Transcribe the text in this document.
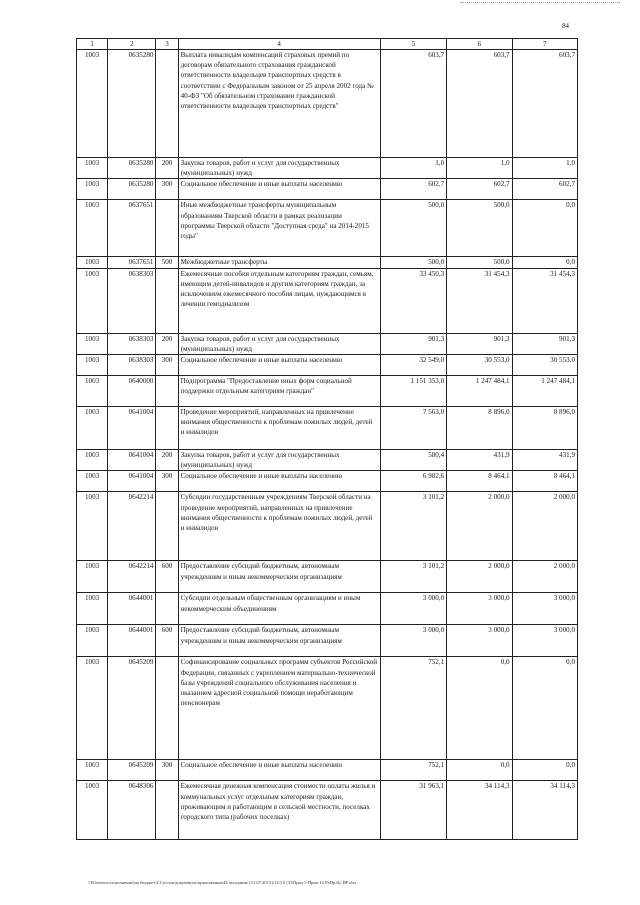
84
1	2	3	4	5	6	7
1003	0635280		Выплата инвалидам компенсаций страховых премий по договорам обязательного страхования гражданской ответственности владельцев транспортных средств в соответствии с Федеральным законом от 25 апреля 2002 года № 40-ФЗ "Об обязательном страховании гражданской ответственности владельцев транспортных средств"	603,7	603,7	603,7
1003	0635280	200	Закупка товаров, работ и услуг для государственных (муниципальных) нужд	1,0	1,0	1,0
1003	0635280	300	Социальное обеспечение и иные выплаты населению	602,7	602,7	602,7
1003	0637651		Иные межбюджетные трансферты муниципальным образованиям Тверской области в рамках реализации программы Тверской области "Доступная среда" на 2014-2015 годы"	500,0	500,0	0,0
1003	0637651	500	Межбюджетные трансферты	500,0	500,0	0,0
1003	0638303		Ежемесячные пособия отдельным категориям граждан, семьям, имеющим детей-инвалидов и другим категориям граждан, за исключением ежемесячного пособия лицам, нуждающимся в лечении гемодиализом	33 450,3	31 454,3	31 454,3
1003	0638303	200	Закупка товаров, работ и услуг для государственных (муниципальных) нужд	901,3	901,3	901,3
1003	0638303	300	Социальное обеспечение и иные выплаты населению	32 549,0	30 553,0	30 553,0
1003	0640000		Подпрограмма "Предоставление иных форм социальной поддержки отдельным категориям граждан"	1 151 353,0	1 247 484,1	1 247 484,1
1003	0641004		Проведение мероприятий, направленных на привлечение внимания общественности к проблемам пожилых людей, детей и инвалидов	7 563,0	8 896,0	8 896,0
1003	0641004	200	Закупка товаров, работ и услуг для государственных (муниципальных) нужд	580,4	431,9	431,9
1003	0641004	300	Социальное обеспечение и иные выплаты населению	6 982,6	8 464,1	8 464,1
1003	0642214		Субсидии государственным учреждениям Тверской области на проведение мероприятий, направленных на привлечение внимания общественности к проблемам пожилых людей, детей и инвалидов	3 101,2	2 000,0	2 000,0
1003	0642214	600	Предоставление субсидий бюджетным, автономным учреждениям и иным некоммерческим организациям	3 101,2	2 000,0	2 000,0
1003	0644001		Субсидии отдельным общественным организациям и иным некоммерческим объединениям	3 000,0	3 000,0	3 000,0
1003	0644001	600	Предоставление субсидий бюджетным, автономным учреждениям и иным некоммерческим организациям	3 000,0	3 000,0	3 000,0
1003	0645209		Софинансирование социальных программ субъектов Российской Федерации, связанных с укреплением материально-технической базы учреждений социального обслуживания населения и оказанием адресной социальной помощи неработающим пенсионерам	752,1	0,0	0,0
1003	0645209	300	Социальное обеспечение и иные выплаты населению	752,1	0,0	0,0
1003	0648306		Ежемесячная денежная компенсация стоимости оплаты жилья и коммунальных услуг отдельным категориям граждан, проживающим и работающим в сельской местности, поселках городского типа (рабочих поселках)	31 963,1	34 114,3	34 114,3
\\Fileserver\исполнение\на бюджет\2 Сессия\документы\приложения\43 заседание (31 07.2013)\12\)\5 (3)\Прил.5 Прил.12 РзПр Цс ВР.xlsx
